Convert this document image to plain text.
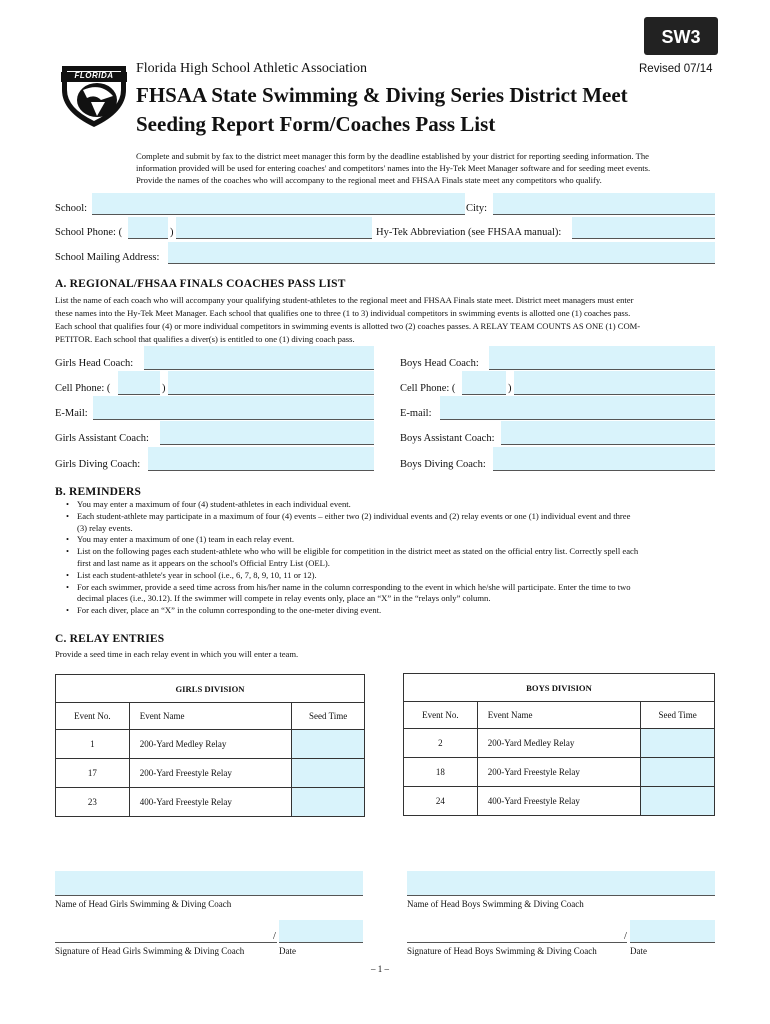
SW3
FLORIDA	Florida High School Athletic Association	Revised 07/14
FHSAA State Swimming & Diving Series District Meet
Seeding Report Form/Coaches Pass List
Complete and submit by fax to the district meet manager this form by the deadline established by your district for reporting seeding information. The
information provided will be used for entering coaches' and competitors' names into the Hy-Tek Meet Manager software and for seeding meet events.
Provide the names of the coaches who will accompany to the regional meet and FHSAA Finals state meet any competitors who qualify.
School:	City:
School Phone: (	)	Hy-Tek Abbreviation (see FHSAA manual):
School Mailing Address:
A. REGIONAL/FHSAA FINALS COACHES PASS LIST
List the name of each coach who will accompany your qualifying student-athletes to the regional meet and FHSAA Finals state meet. District meet managers must enter
these names into the Hy-Tek Meet Manager. Each school that qualifies one to three (1 to 3) individual competitors in swimming events is allotted one (1) coaches pass.
Each school that qualifies four (4) or more individual competitors in swimming events is allotted two (2) coaches passes. A RELAY TEAM COUNTS AS ONE (1) COM-
PETITOR. Each school that qualifies a diver(s) is entitled to one (1) diving coach pass.
Girls Head Coach:	Boys Head Coach:
Cell Phone: (	)	Cell Phone: (	)
E-Mail:	E-mail:
Girls Assistant Coach:	Boys Assistant Coach:
Girls Diving Coach:	Boys Diving Coach:
B. REMINDERS
• You may enter a maximum of four (4) student-athletes in each individual event.
• Each student-athlete may participate in a maximum of four (4) events – either two (2) individual events and (2) relay events or one (1) individual event and three
(3) relay events.
• You may enter a maximum of one (1) team in each relay event.
• List on the following pages each student-athlete who who will be eligible for competition in the district meet as stated on the official entry list. Correctly spell each
first and last name as it appears on the school's Official Entry List (OEL).
• List each student-athlete's year in school (i.e., 6, 7, 8, 9, 10, 11 or 12).
• For each swimmer, provide a seed time across from his/her name in the column corresponding to the event in which he/she will participate. Enter the time to two
decimal places (i.e., 30.12). If the swimmer will compete in relay events only, place an “X” in the “relays only” column.
• For each diver, place an “X” in the column corresponding to the one-meter diving event.
C. RELAY ENTRIES
Provide a seed time in each relay event in which you will enter a team.
GIRLS DIVISION
Event No.	Event Name	Seed Time
1	200-Yard Medley Relay	
17	200-Yard Freestyle Relay	
23	400-Yard Freestyle Relay	
BOYS DIVISION
Event No.	Event Name	Seed Time
2	200-Yard Medley Relay	
18	200-Yard Freestyle Relay	
24	400-Yard Freestyle Relay	
Name of Head Girls Swimming & Diving Coach	Name of Head Boys Swimming & Diving Coach
/
Signature of Head Girls Swimming & Diving Coach	Date
/
Signature of Head Boys Swimming & Diving Coach	Date
– 1 –
